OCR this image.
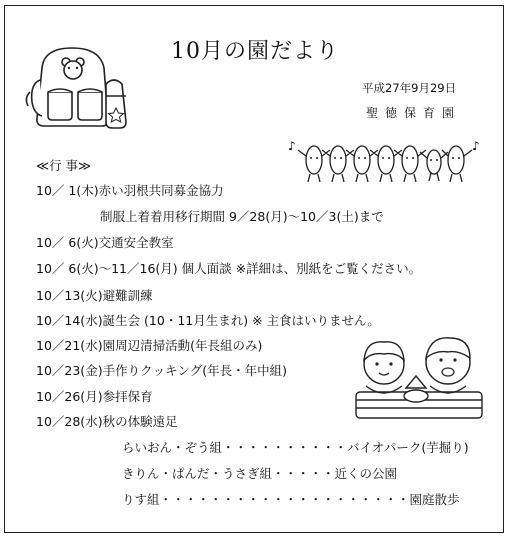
10月の園だより
平成27年9月29日
聖徳保育園
♪	♪
≪行 事≫
10／ 1(木)赤い羽根共同募金協力
制服上着着用移行期間 9／28(月)～10／3(土)まで
10／ 6(火)交通安全教室
10／ 6(火)～11／16(月) 個人面談 ※詳細は、別紙をご覧ください。
10／13(火)避難訓練
10／14(水)誕生会 (10・11月生まれ) ※ 主食はいりません。
10／21(水)園周辺清掃活動(年長組のみ)
10／23(金)手作りクッキング(年長・年中組)
10／26(月)参拝保育
10／28(水)秋の体験遠足
らいおん・ぞう組・・・・・・・・・・バイオパーク(芋掘り)
きりん・ぱんだ・うさぎ組・・・・・近くの公園
りす組・・・・・・・・・・・・・・・・・・・・園庭散歩
